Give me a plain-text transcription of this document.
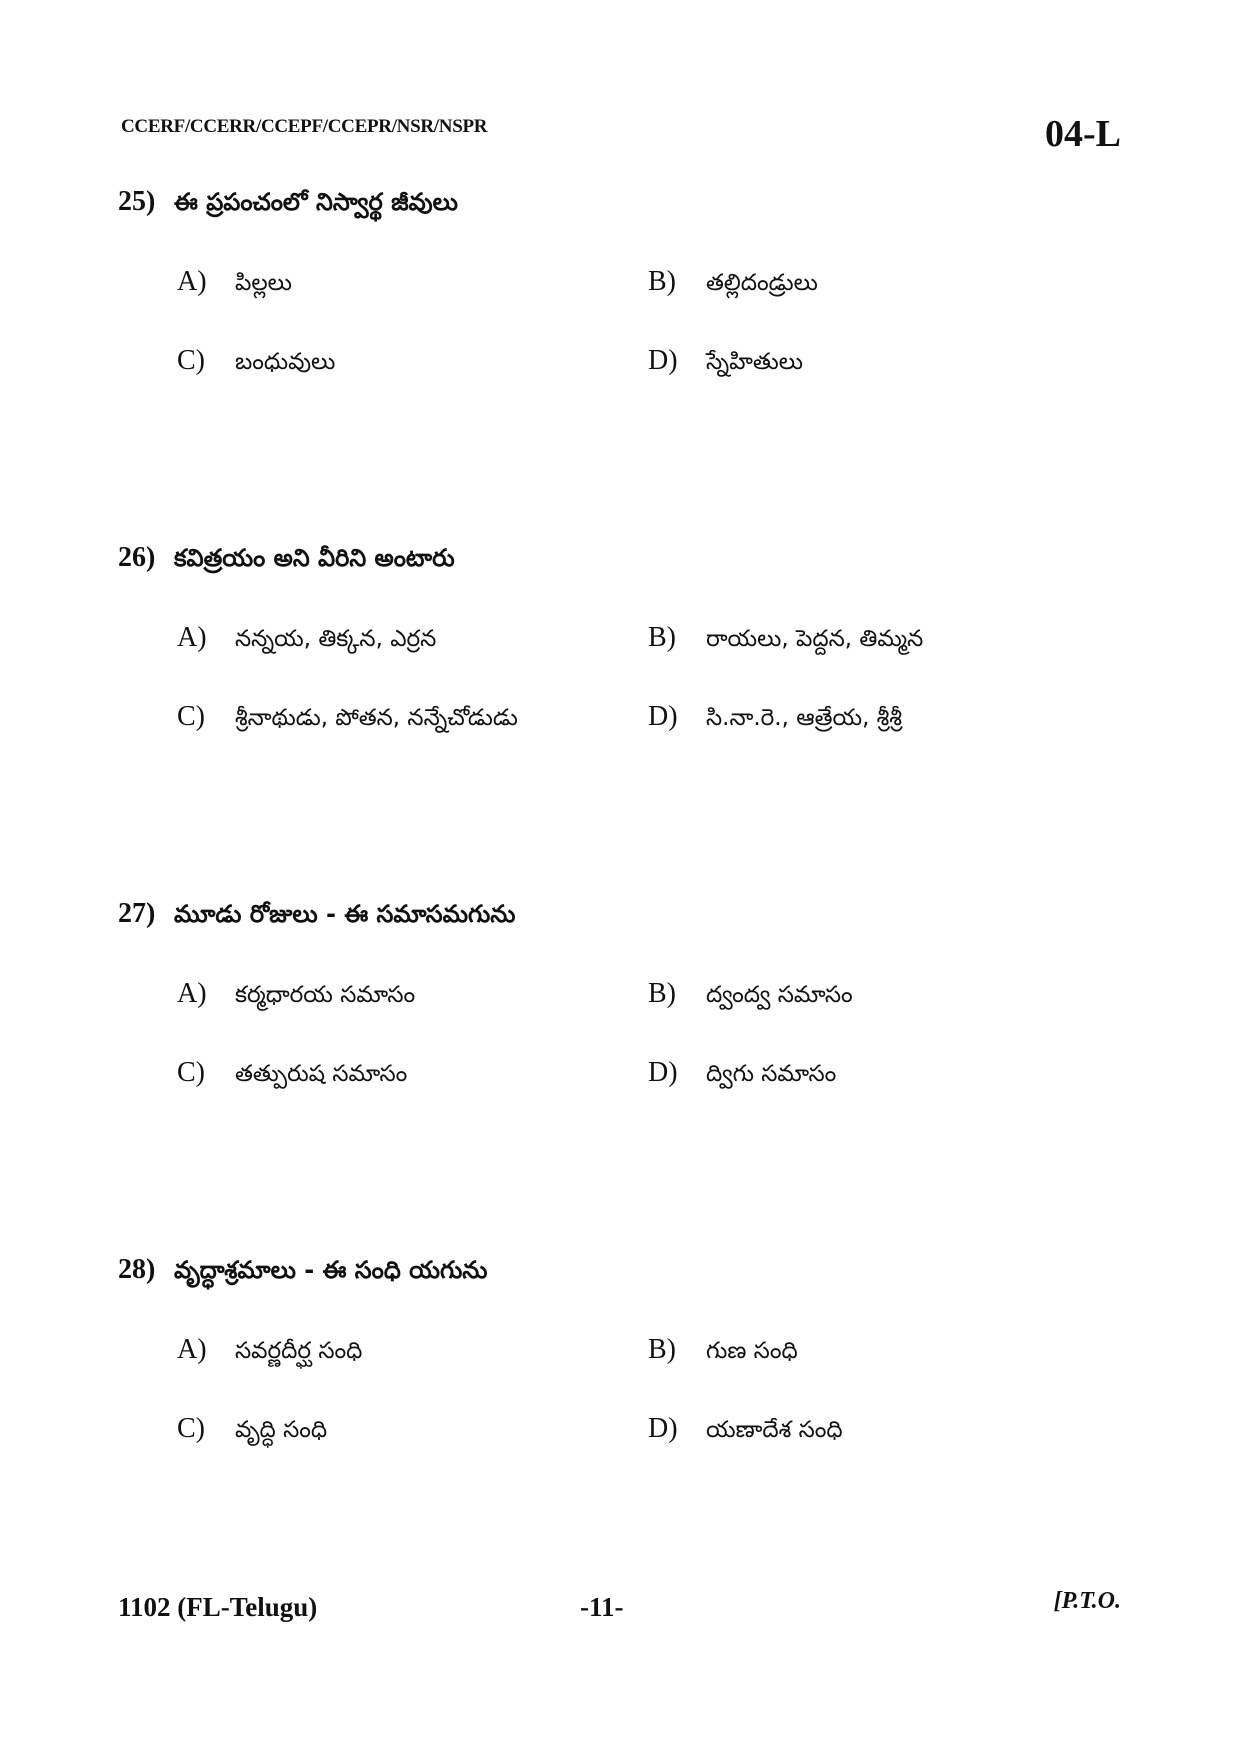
CCERF/CCERR/CCEPF/CCEPR/NSR/NSPR	04-L
25) ఈ ప్రపంచంలో నిస్వార్థ జీవులు
A) పిల్లలు	B) తల్లిదండ్రులు
C) బంధువులు	D) స్నేహితులు
26) కవిత్రయం అని వీరిని అంటారు
A) నన్నయ, తిక్కన, ఎర్రన	B) రాయలు, పెద్దన, తిమ్మన
C) శ్రీనాథుడు, పోతన, నన్నేచోడుడు	D) సి.నా.రె., ఆత్రేయ, శ్రీశ్రీ
27) మూడు రోజులు - ఈ సమాసమగును
A) కర్మధారయ సమాసం	B) ద్వంద్వ సమాసం
C) తత్పురుష సమాసం	D) ద్విగు సమాసం
28) వృద్ధాశ్రమాలు - ఈ సంధి యగును
A) సవర్ణదీర్ఘ సంధి	B) గుణ సంధి
C) వృద్ధి సంధి	D) యణాదేశ సంధి
1102 (FL-Telugu)	-11-	[P.T.O.
